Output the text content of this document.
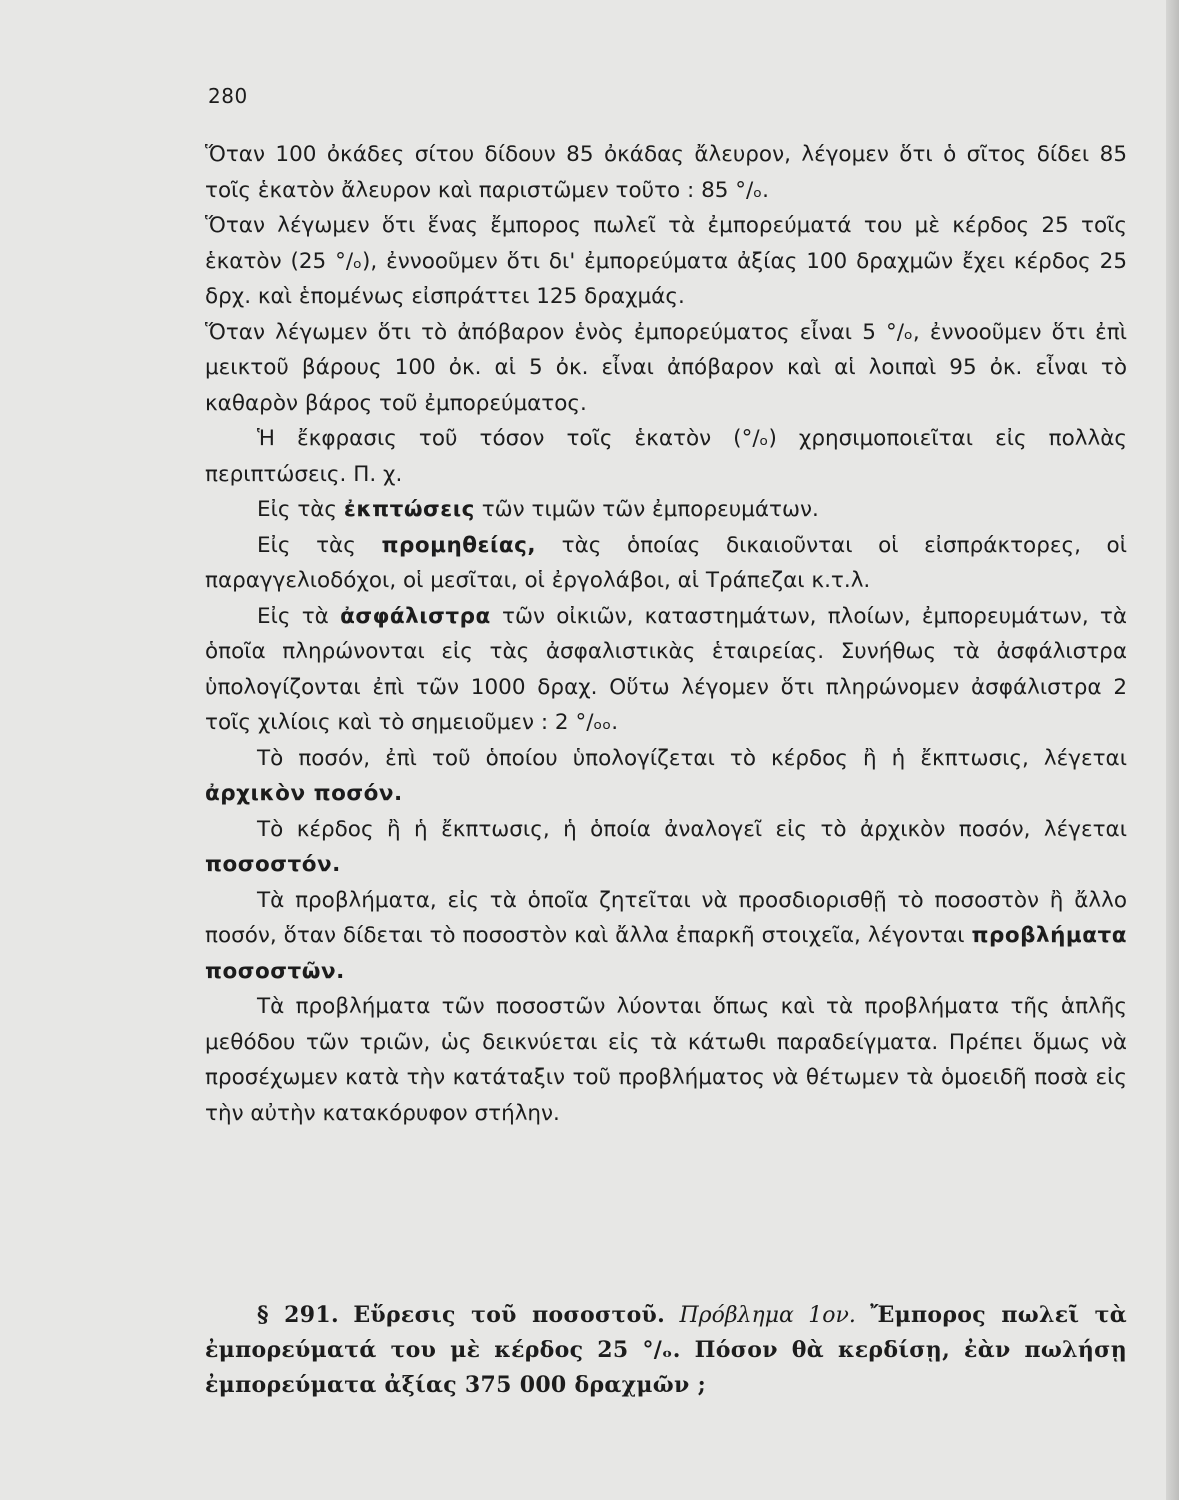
280

Ὅταν 100 ὀκάδες σίτου δίδουν 85 ὀκάδας ἄλευρον, λέγομεν ὅτι ὁ σῖτος δίδει 85 τοῖς ἑκατὸν ἄλευρον καὶ παριστῶμεν τοῦτο : 85 °/ₒ.

Ὅταν λέγωμεν ὅτι ἕνας ἔμπορος πωλεῖ τὰ ἐμπορεύματά του μὲ κέρδος 25 τοῖς ἑκατὸν (25 °/ₒ), ἐννοοῦμεν ὅτι δι' ἐμπορεύματα ἀξίας 100 δραχμῶν ἔχει κέρδος 25 δρχ. καὶ ἑπομένως εἰσπράττει 125 δραχμάς.

Ὅταν λέγωμεν ὅτι τὸ ἀπόβαρον ἑνὸς ἐμπορεύματος εἶναι 5 °/ₒ, ἐννοοῦμεν ὅτι ἐπὶ μεικτοῦ βάρους 100 ὀκ. αἱ 5 ὀκ. εἶναι ἀπόβαρον καὶ αἱ λοιπαὶ 95 ὀκ. εἶναι τὸ καθαρὸν βάρος τοῦ ἐμπορεύματος.

Ἡ ἔκφρασις τοῦ τόσον τοῖς ἑκατὸν (°/ₒ) χρησιμοποιεῖται εἰς πολλὰς περιπτώσεις. Π. χ.

Εἰς τὰς ἐκπτώσεις τῶν τιμῶν τῶν ἐμπορευμάτων.

Εἰς τὰς προμηθείας, τὰς ὁποίας δικαιοῦνται οἱ εἰσπράκτορες, οἱ παραγγελιοδόχοι, οἱ μεσῖται, οἱ ἐργολάβοι, αἱ Τράπεζαι κ.τ.λ.

Εἰς τὰ ἀσφάλιστρα τῶν οἰκιῶν, καταστημάτων, πλοίων, ἐμπορευμάτων, τὰ ὁποῖα πληρώνονται εἰς τὰς ἀσφαλιστικὰς ἑταιρείας. Συνήθως τὰ ἀσφάλιστρα ὑπολογίζονται ἐπὶ τῶν 1000 δραχ. Οὕτω λέγομεν ὅτι πληρώνομεν ἀσφάλιστρα 2 τοῖς χιλίοις καὶ τὸ σημειοῦμεν : 2 °/ₒₒ.

Τὸ ποσόν, ἐπὶ τοῦ ὁποίου ὑπολογίζεται τὸ κέρδος ἢ ἡ ἔκπτωσις, λέγεται ἀρχικὸν ποσόν.

Τὸ κέρδος ἢ ἡ ἔκπτωσις, ἡ ὁποία ἀναλογεῖ εἰς τὸ ἀρχικὸν ποσόν, λέγεται ποσοστόν.

Τὰ προβλήματα, εἰς τὰ ὁποῖα ζητεῖται νὰ προσδιορισθῇ τὸ ποσοστὸν ἢ ἄλλο ποσόν, ὅταν δίδεται τὸ ποσοστὸν καὶ ἄλλα ἐπαρκῆ στοιχεῖα, λέγονται προβλήματα ποσοστῶν.

Τὰ προβλήματα τῶν ποσοστῶν λύονται ὅπως καὶ τὰ προβλήματα τῆς ἁπλῆς μεθόδου τῶν τριῶν, ὡς δεικνύεται εἰς τὰ κάτωθι παραδείγματα. Πρέπει ὅμως νὰ προσέχωμεν κατὰ τὴν κατάταξιν τοῦ προβλήματος νὰ θέτωμεν τὰ ὁμοειδῆ ποσὰ εἰς τὴν αὐτὴν κατακόρυφον στήλην.

§ 291. Εὕρεσις τοῦ ποσοστοῦ. Πρόβλημα 1ον. Ἔμπορος πωλεῖ τὰ ἐμπορεύματά του μὲ κέρδος 25 °/ₒ. Πόσον θὰ κερδίσῃ, ἐὰν πωλήσῃ ἐμπορεύματα ἀξίας 375 000 δραχμῶν ;
